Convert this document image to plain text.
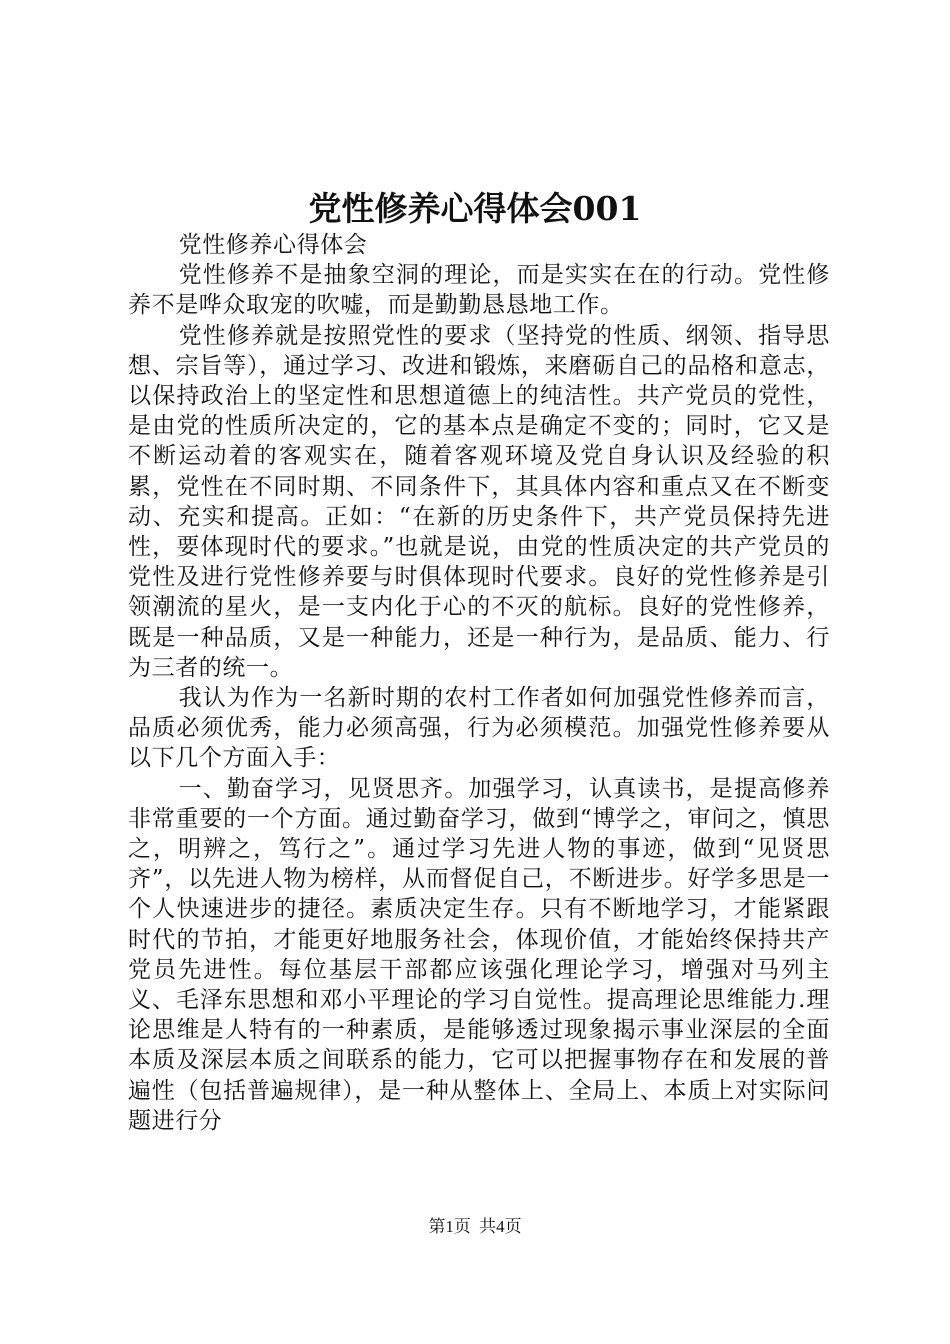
党性修养心得体会001

党性修养心得体会

党性修养不是抽象空洞的理论，而是实实在在的行动。党性修养不是哗众取宠的吹嘘，而是勤勤恳恳地工作。

党性修养就是按照党性的要求（坚持党的性质、纲领、指导思想、宗旨等），通过学习、改进和锻炼，来磨砺自己的品格和意志，以保持政治上的坚定性和思想道德上的纯洁性。共产党员的党性，是由党的性质所决定的，它的基本点是确定不变的；同时，它又是不断运动着的客观实在，随着客观环境及党自身认识及经验的积累，党性在不同时期、不同条件下，其具体内容和重点又在不断变动、充实和提高。正如：“在新的历史条件下，共产党员保持先进性，要体现时代的要求。”也就是说，由党的性质决定的共产党员的党性及进行党性修养要与时俱体现时代要求。良好的党性修养是引领潮流的星火，是一支内化于心的不灭的航标。良好的党性修养，既是一种品质，又是一种能力，还是一种行为，是品质、能力、行为三者的统一。

我认为作为一名新时期的农村工作者如何加强党性修养而言，品质必须优秀，能力必须高强，行为必须模范。加强党性修养要从以下几个方面入手：

一、勤奋学习，见贤思齐。加强学习，认真读书，是提高修养非常重要的一个方面。通过勤奋学习，做到“博学之，审问之，慎思之，明辨之，笃行之”。通过学习先进人物的事迹，做到“见贤思齐”，以先进人物为榜样，从而督促自己，不断进步。好学多思是一个人快速进步的捷径。素质决定生存。只有不断地学习，才能紧跟时代的节拍，才能更好地服务社会，体现价值，才能始终保持共产党员先进性。每位基层干部都应该强化理论学习，增强对马列主义、毛泽东思想和邓小平理论的学习自觉性。提高理论思维能力.理论思维是人特有的一种素质，是能够透过现象揭示事业深层的全面本质及深层本质之间联系的能力，它可以把握事物存在和发展的普遍性（包括普遍规律），是一种从整体上、全局上、本质上对实际问题进行分

第1页 共4页
